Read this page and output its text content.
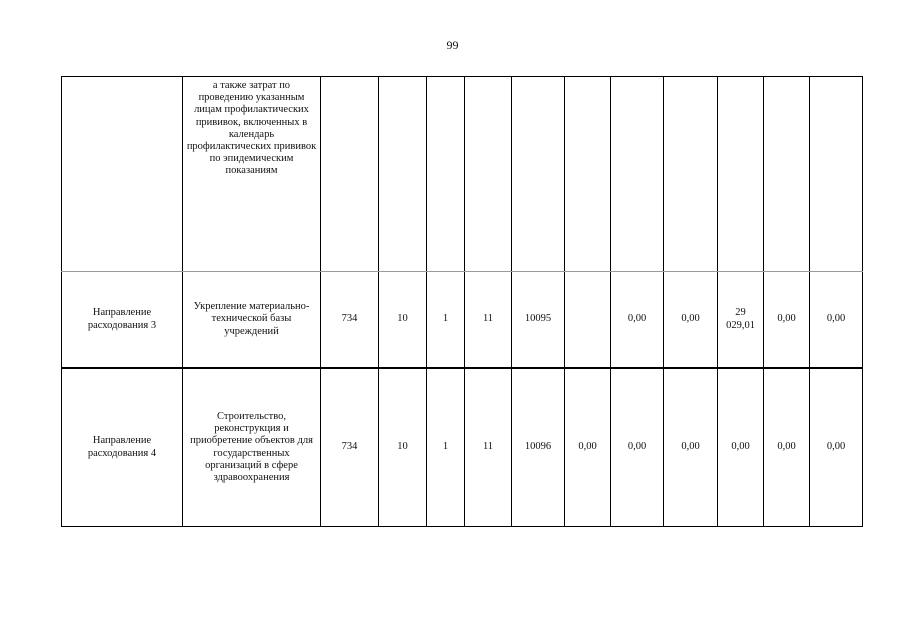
99
	а также затрат по проведению указанным лицам профилактическиx прививок, включенных в календарь профилактических прививок по эпидемическим показаниям											
Направление расходования 3	Укрепление материально-технической базы учреждений	734	10	1	11	10095		0,00	0,00	29 029,01	0,00	0,00
Направление расходования 4	Строительство, реконструкция и приобретение объектов для государственных организаций в сфере здравоохранения	734	10	1	11	10096	0,00	0,00	0,00	0,00	0,00	0,00
